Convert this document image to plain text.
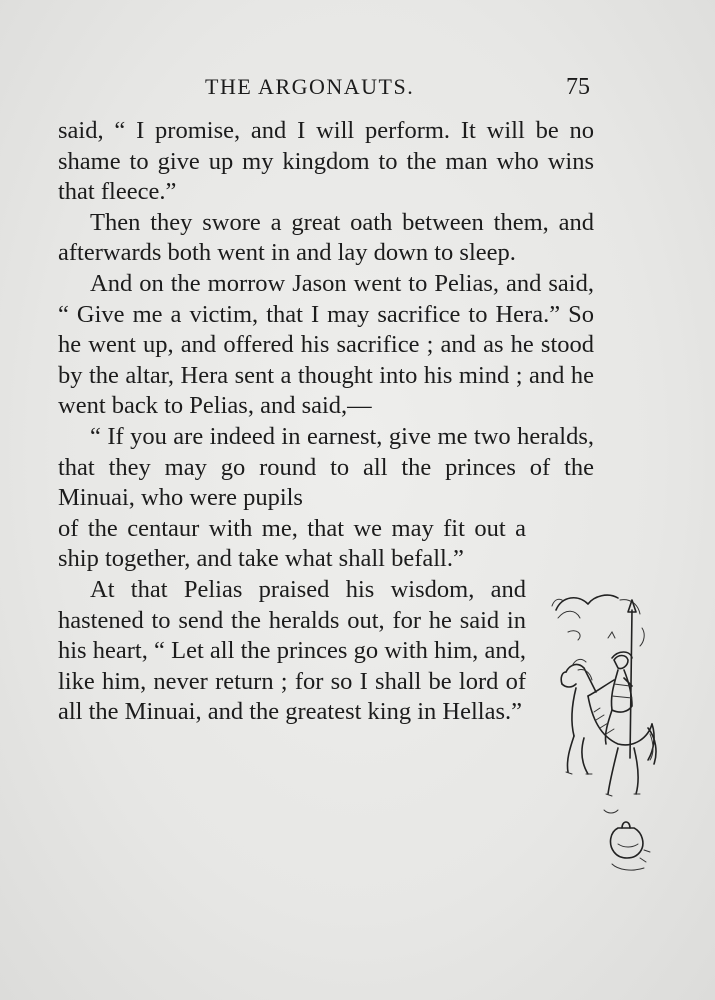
THE ARGONAUTS.	75

said, “ I promise, and I will perform. It will be no shame to give up my kingdom to the man who wins that fleece.”

Then they swore a great oath between them, and afterwards both went in and lay down to sleep.

And on the morrow Jason went to Pelias, and said, “ Give me a victim, that I may sacrifice to Hera.” So he went up, and offered his sacrifice ; and as he stood by the altar, Hera sent a thought into his mind ; and he went back to Pelias, and said,—

“ If you are indeed in earnest, give me two heralds, that they may go round to all the princes of the Minuai, who were pupils

of the centaur with me, that we may fit out a ship together, and take what shall befall.”

At that Pelias praised his wisdom, and hastened to send the heralds out, for he said in his heart, “ Let all the princes go with him, and, like him, never return ; for so I shall be lord of all the Minuai, and the greatest king in Hellas.”
